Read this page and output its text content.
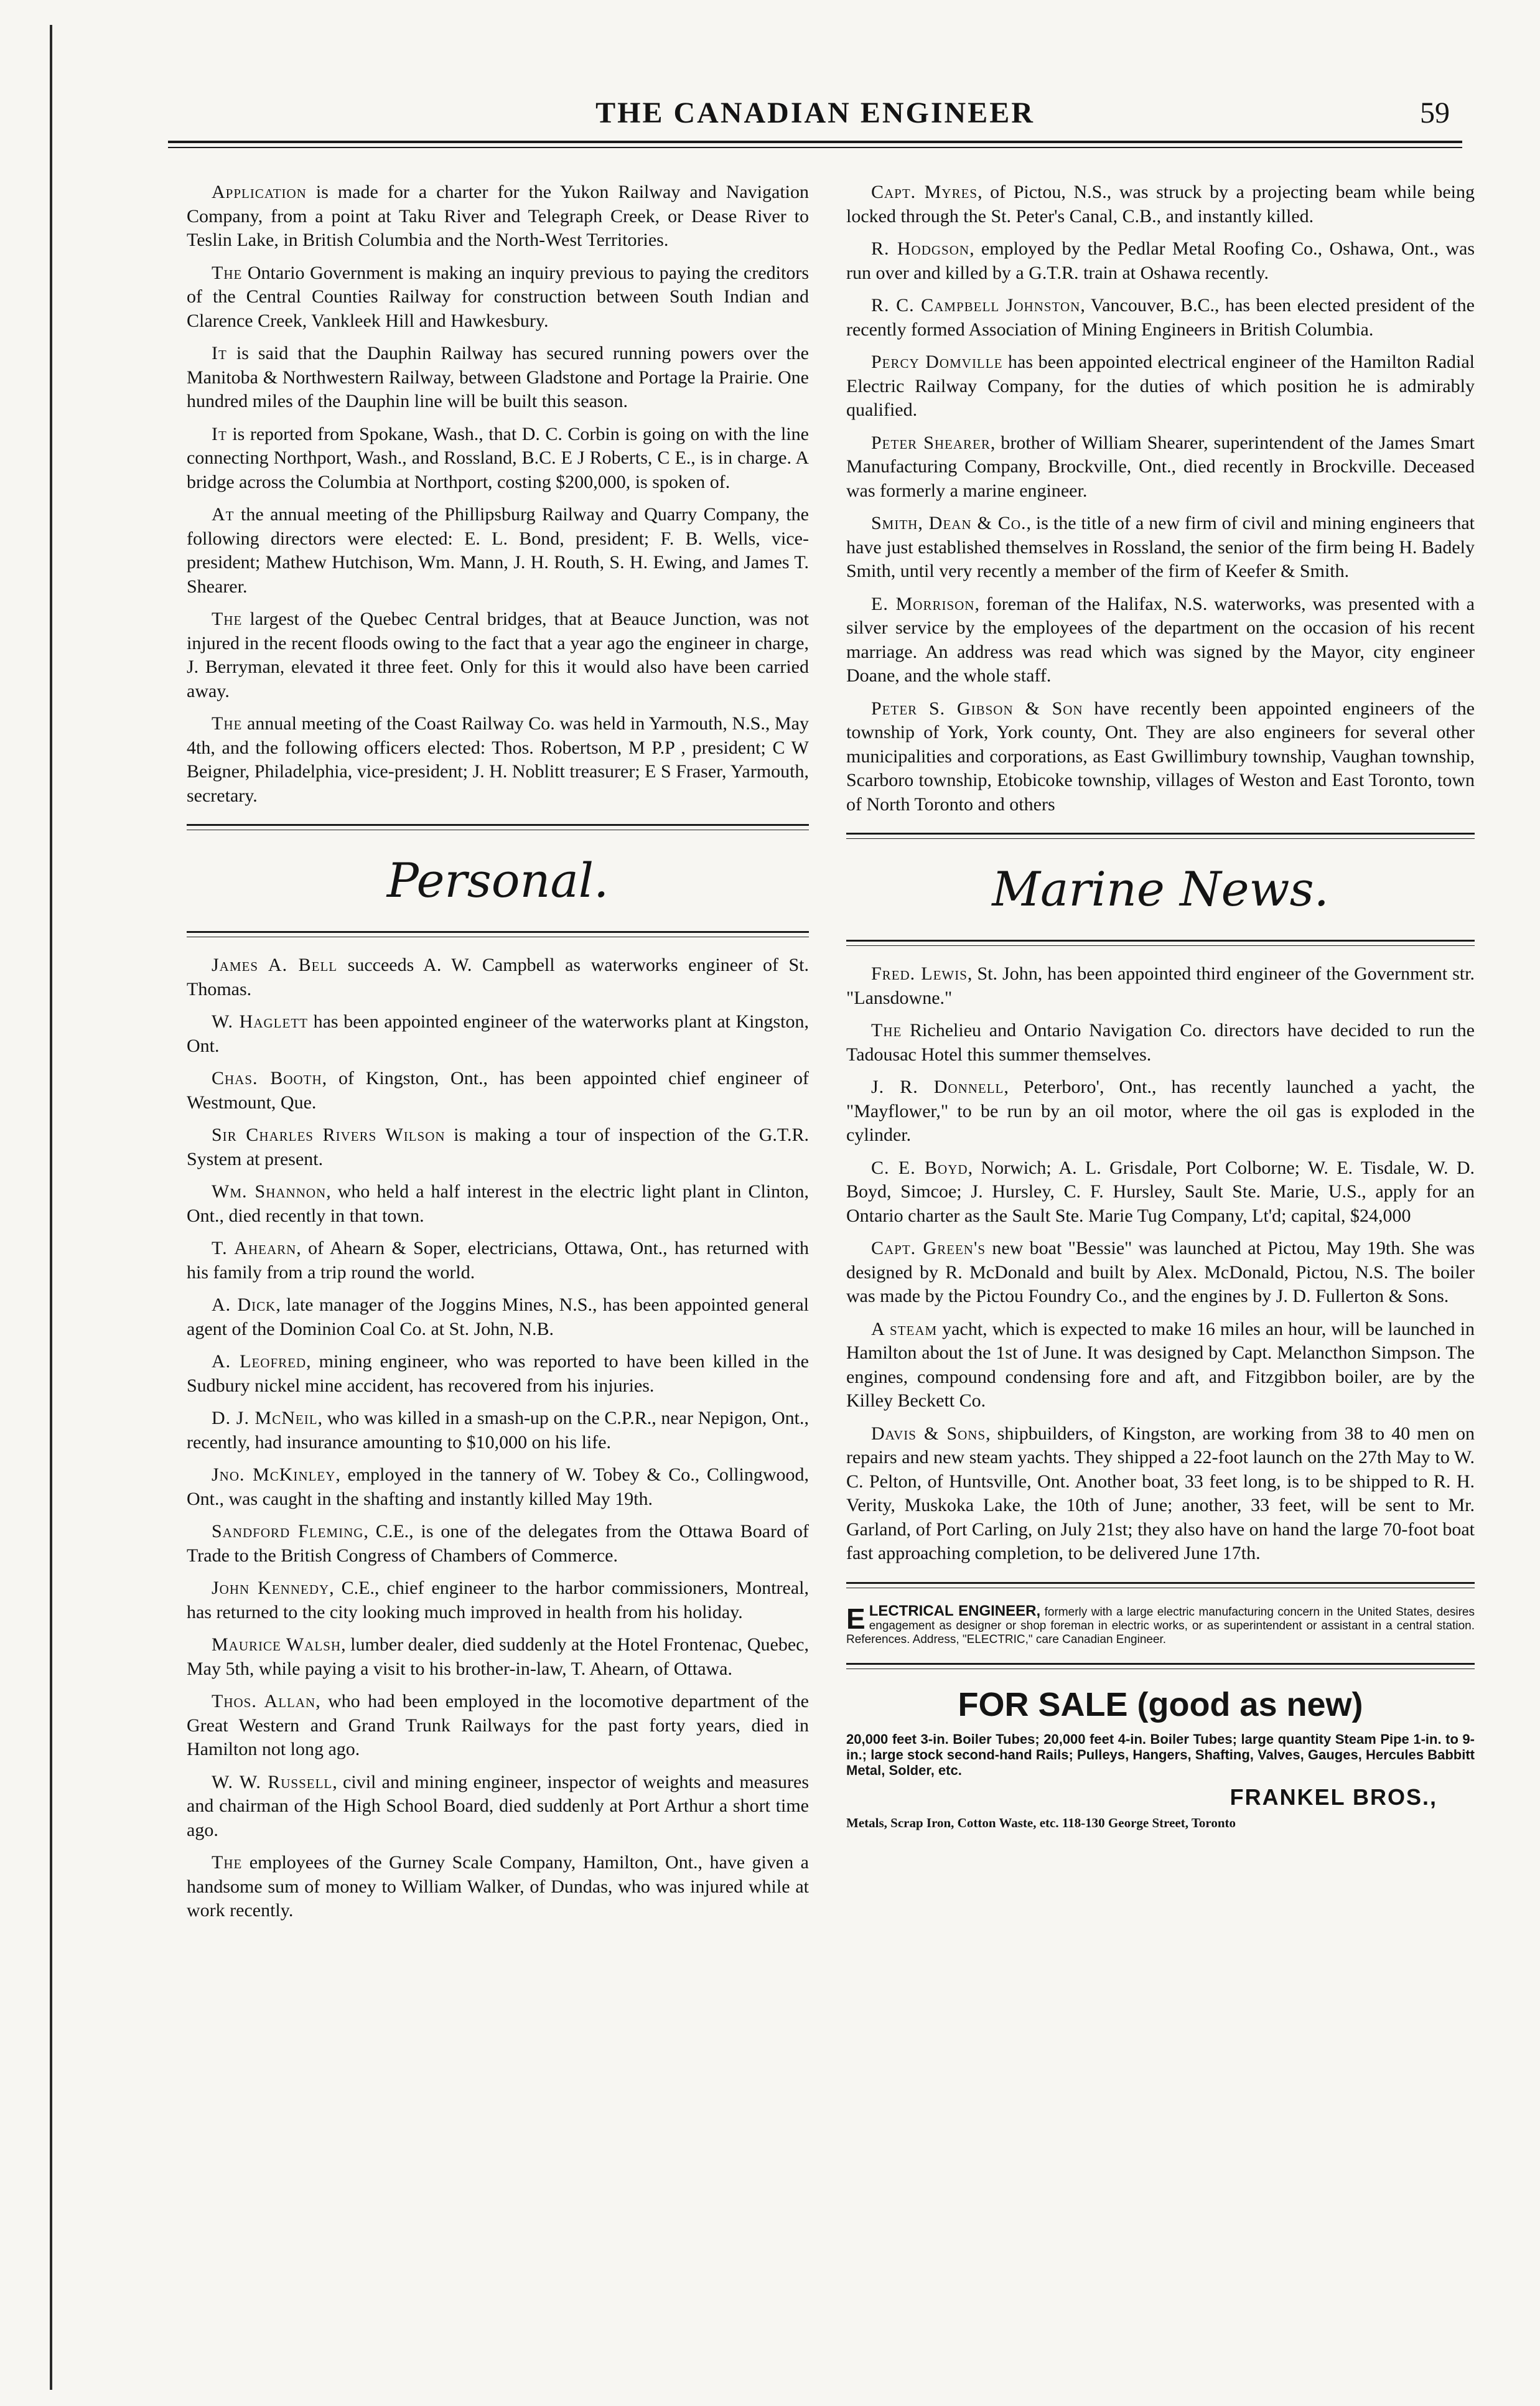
THE CANADIAN ENGINEER	59

Application is made for a charter for the Yukon Railway and Navigation Company, from a point at Taku River and Telegraph Creek, or Dease River to Teslin Lake, in British Columbia and the North-West Territories.

The Ontario Government is making an inquiry previous to paying the creditors of the Central Counties Railway for construction between South Indian and Clarence Creek, Vankleek Hill and Hawkesbury.

It is said that the Dauphin Railway has secured running powers over the Manitoba & Northwestern Railway, between Gladstone and Portage la Prairie. One hundred miles of the Dauphin line will be built this season.

It is reported from Spokane, Wash., that D. C. Corbin is going on with the line connecting Northport, Wash., and Rossland, B.C. E J Roberts, C E., is in charge. A bridge across the Columbia at Northport, costing $200,000, is spoken of.

At the annual meeting of the Phillipsburg Railway and Quarry Company, the following directors were elected: E. L. Bond, president; F. B. Wells, vice-president; Mathew Hutchison, Wm. Mann, J. H. Routh, S. H. Ewing, and James T. Shearer.

The largest of the Quebec Central bridges, that at Beauce Junction, was not injured in the recent floods owing to the fact that a year ago the engineer in charge, J. Berryman, elevated it three feet. Only for this it would also have been carried away.

The annual meeting of the Coast Railway Co. was held in Yarmouth, N.S., May 4th, and the following officers elected: Thos. Robertson, M P.P , president; C W Beigner, Philadelphia, vice-president; J. H. Noblitt treasurer; E S Fraser, Yarmouth, secretary.

Personal.

James A. Bell succeeds A. W. Campbell as waterworks engineer of St. Thomas.

W. Haglett has been appointed engineer of the waterworks plant at Kingston, Ont.

Chas. Booth, of Kingston, Ont., has been appointed chief engineer of Westmount, Que.

Sir Charles Rivers Wilson is making a tour of inspection of the G.T.R. System at present.

Wm. Shannon, who held a half interest in the electric light plant in Clinton, Ont., died recently in that town.

T. Ahearn, of Ahearn & Soper, electricians, Ottawa, Ont., has returned with his family from a trip round the world.

A. Dick, late manager of the Joggins Mines, N.S., has been appointed general agent of the Dominion Coal Co. at St. John, N.B.

A. Leofred, mining engineer, who was reported to have been killed in the Sudbury nickel mine accident, has recovered from his injuries.

D. J. McNeil, who was killed in a smash-up on the C.P.R., near Nepigon, Ont., recently, had insurance amounting to $10,000 on his life.

Jno. McKinley, employed in the tannery of W. Tobey & Co., Collingwood, Ont., was caught in the shafting and instantly killed May 19th.

Sandford Fleming, C.E., is one of the delegates from the Ottawa Board of Trade to the British Congress of Chambers of Commerce.

John Kennedy, C.E., chief engineer to the harbor commissioners, Montreal, has returned to the city looking much improved in health from his holiday.

Maurice Walsh, lumber dealer, died suddenly at the Hotel Frontenac, Quebec, May 5th, while paying a visit to his brother-in-law, T. Ahearn, of Ottawa.

Thos. Allan, who had been employed in the locomotive department of the Great Western and Grand Trunk Railways for the past forty years, died in Hamilton not long ago.

W. W. Russell, civil and mining engineer, inspector of weights and measures and chairman of the High School Board, died suddenly at Port Arthur a short time ago.

The employees of the Gurney Scale Company, Hamilton, Ont., have given a handsome sum of money to William Walker, of Dundas, who was injured while at work recently.

Capt. Myres, of Pictou, N.S., was struck by a projecting beam while being locked through the St. Peter's Canal, C.B., and instantly killed.

R. Hodgson, employed by the Pedlar Metal Roofing Co., Oshawa, Ont., was run over and killed by a G.T.R. train at Oshawa recently.

R. C. Campbell Johnston, Vancouver, B.C., has been elected president of the recently formed Association of Mining Engineers in British Columbia.

Percy Domville has been appointed electrical engineer of the Hamilton Radial Electric Railway Company, for the duties of which position he is admirably qualified.

Peter Shearer, brother of William Shearer, superintendent of the James Smart Manufacturing Company, Brockville, Ont., died recently in Brockville. Deceased was formerly a marine engineer.

Smith, Dean & Co., is the title of a new firm of civil and mining engineers that have just established themselves in Rossland, the senior of the firm being H. Badely Smith, until very recently a member of the firm of Keefer & Smith.

E. Morrison, foreman of the Halifax, N.S. waterworks, was presented with a silver service by the employees of the department on the occasion of his recent marriage. An address was read which was signed by the Mayor, city engineer Doane, and the whole staff.

Peter S. Gibson & Son have recently been appointed engineers of the township of York, York county, Ont. They are also engineers for several other municipalities and corporations, as East Gwillimbury township, Vaughan township, Scarboro township, Etobicoke township, villages of Weston and East Toronto, town of North Toronto and others

Marine News.

Fred. Lewis, St. John, has been appointed third engineer of the Government str. "Lansdowne."

The Richelieu and Ontario Navigation Co. directors have decided to run the Tadousac Hotel this summer themselves.

J. R. Donnell, Peterboro', Ont., has recently launched a yacht, the "Mayflower," to be run by an oil motor, where the oil gas is exploded in the cylinder.

C. E. Boyd, Norwich; A. L. Grisdale, Port Colborne; W. E. Tisdale, W. D. Boyd, Simcoe; J. Hursley, C. F. Hursley, Sault Ste. Marie, U.S., apply for an Ontario charter as the Sault Ste. Marie Tug Company, Lt'd; capital, $24,000

Capt. Green's new boat "Bessie" was launched at Pictou, May 19th. She was designed by R. McDonald and built by Alex. McDonald, Pictou, N.S. The boiler was made by the Pictou Foundry Co., and the engines by J. D. Fullerton & Sons.

A steam yacht, which is expected to make 16 miles an hour, will be launched in Hamilton about the 1st of June. It was designed by Capt. Melancthon Simpson. The engines, compound condensing fore and aft, and Fitzgibbon boiler, are by the Killey Beckett Co.

Davis & Sons, shipbuilders, of Kingston, are working from 38 to 40 men on repairs and new steam yachts. They shipped a 22-foot launch on the 27th May to W. C. Pelton, of Huntsville, Ont. Another boat, 33 feet long, is to be shipped to R. H. Verity, Muskoka Lake, the 10th of June; another, 33 feet, will be sent to Mr. Garland, of Port Carling, on July 21st; they also have on hand the large 70-foot boat fast approaching completion, to be delivered June 17th.

ELECTRICAL ENGINEER, formerly with a large electric manufacturing concern in the United States, desires engagement as designer or shop foreman in electric works, or as superintendent or assistant in a central station. References. Address, "ELECTRIC," care Canadian Engineer.
FOR SALE (good as new)
20,000 feet 3-in. Boiler Tubes; 20,000 feet 4-in. Boiler Tubes; large quantity Steam Pipe 1-in. to 9-in.; large stock second-hand Rails; Pulleys, Hangers, Shafting, Valves, Gauges, Hercules Babbitt Metal, Solder, etc.
FRANKEL BROS.,
Metals, Scrap Iron, Cotton Waste, etc. 118-130 George Street, Toronto
